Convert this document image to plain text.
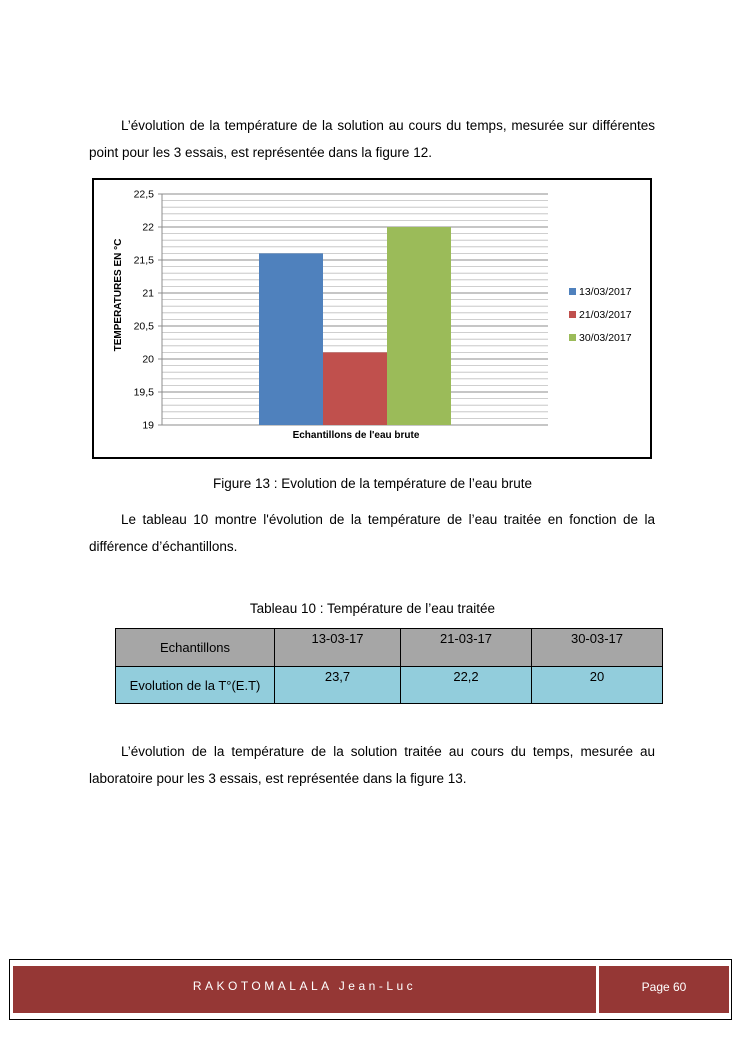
L’évolution de la température de la solution au cours du temps, mesurée sur différentes point pour les 3 essais, est représentée dans la figure 12.
19
19,5
20
20,5
21
21,5
22
22,5
TEMPERATURES EN °C
Echantillons de l'eau brute
13/03/2017
21/03/2017
30/03/2017
Figure 13 : Evolution de la température de l’eau brute
Le tableau 10 montre l'évolution de la température de l’eau traitée en fonction de la différence d’échantillons.
Tableau 10 : Température de l’eau traitée
Echantillons	13-03-17	21-03-17	30-03-17
Evolution de la T°(E.T)	23,7	22,2	20
L’évolution de la température de la solution traitée au cours du temps, mesurée au laboratoire pour les 3 essais, est représentée dans la figure 13.
RAKOTOMALALA Jean-Luc	Page 60
